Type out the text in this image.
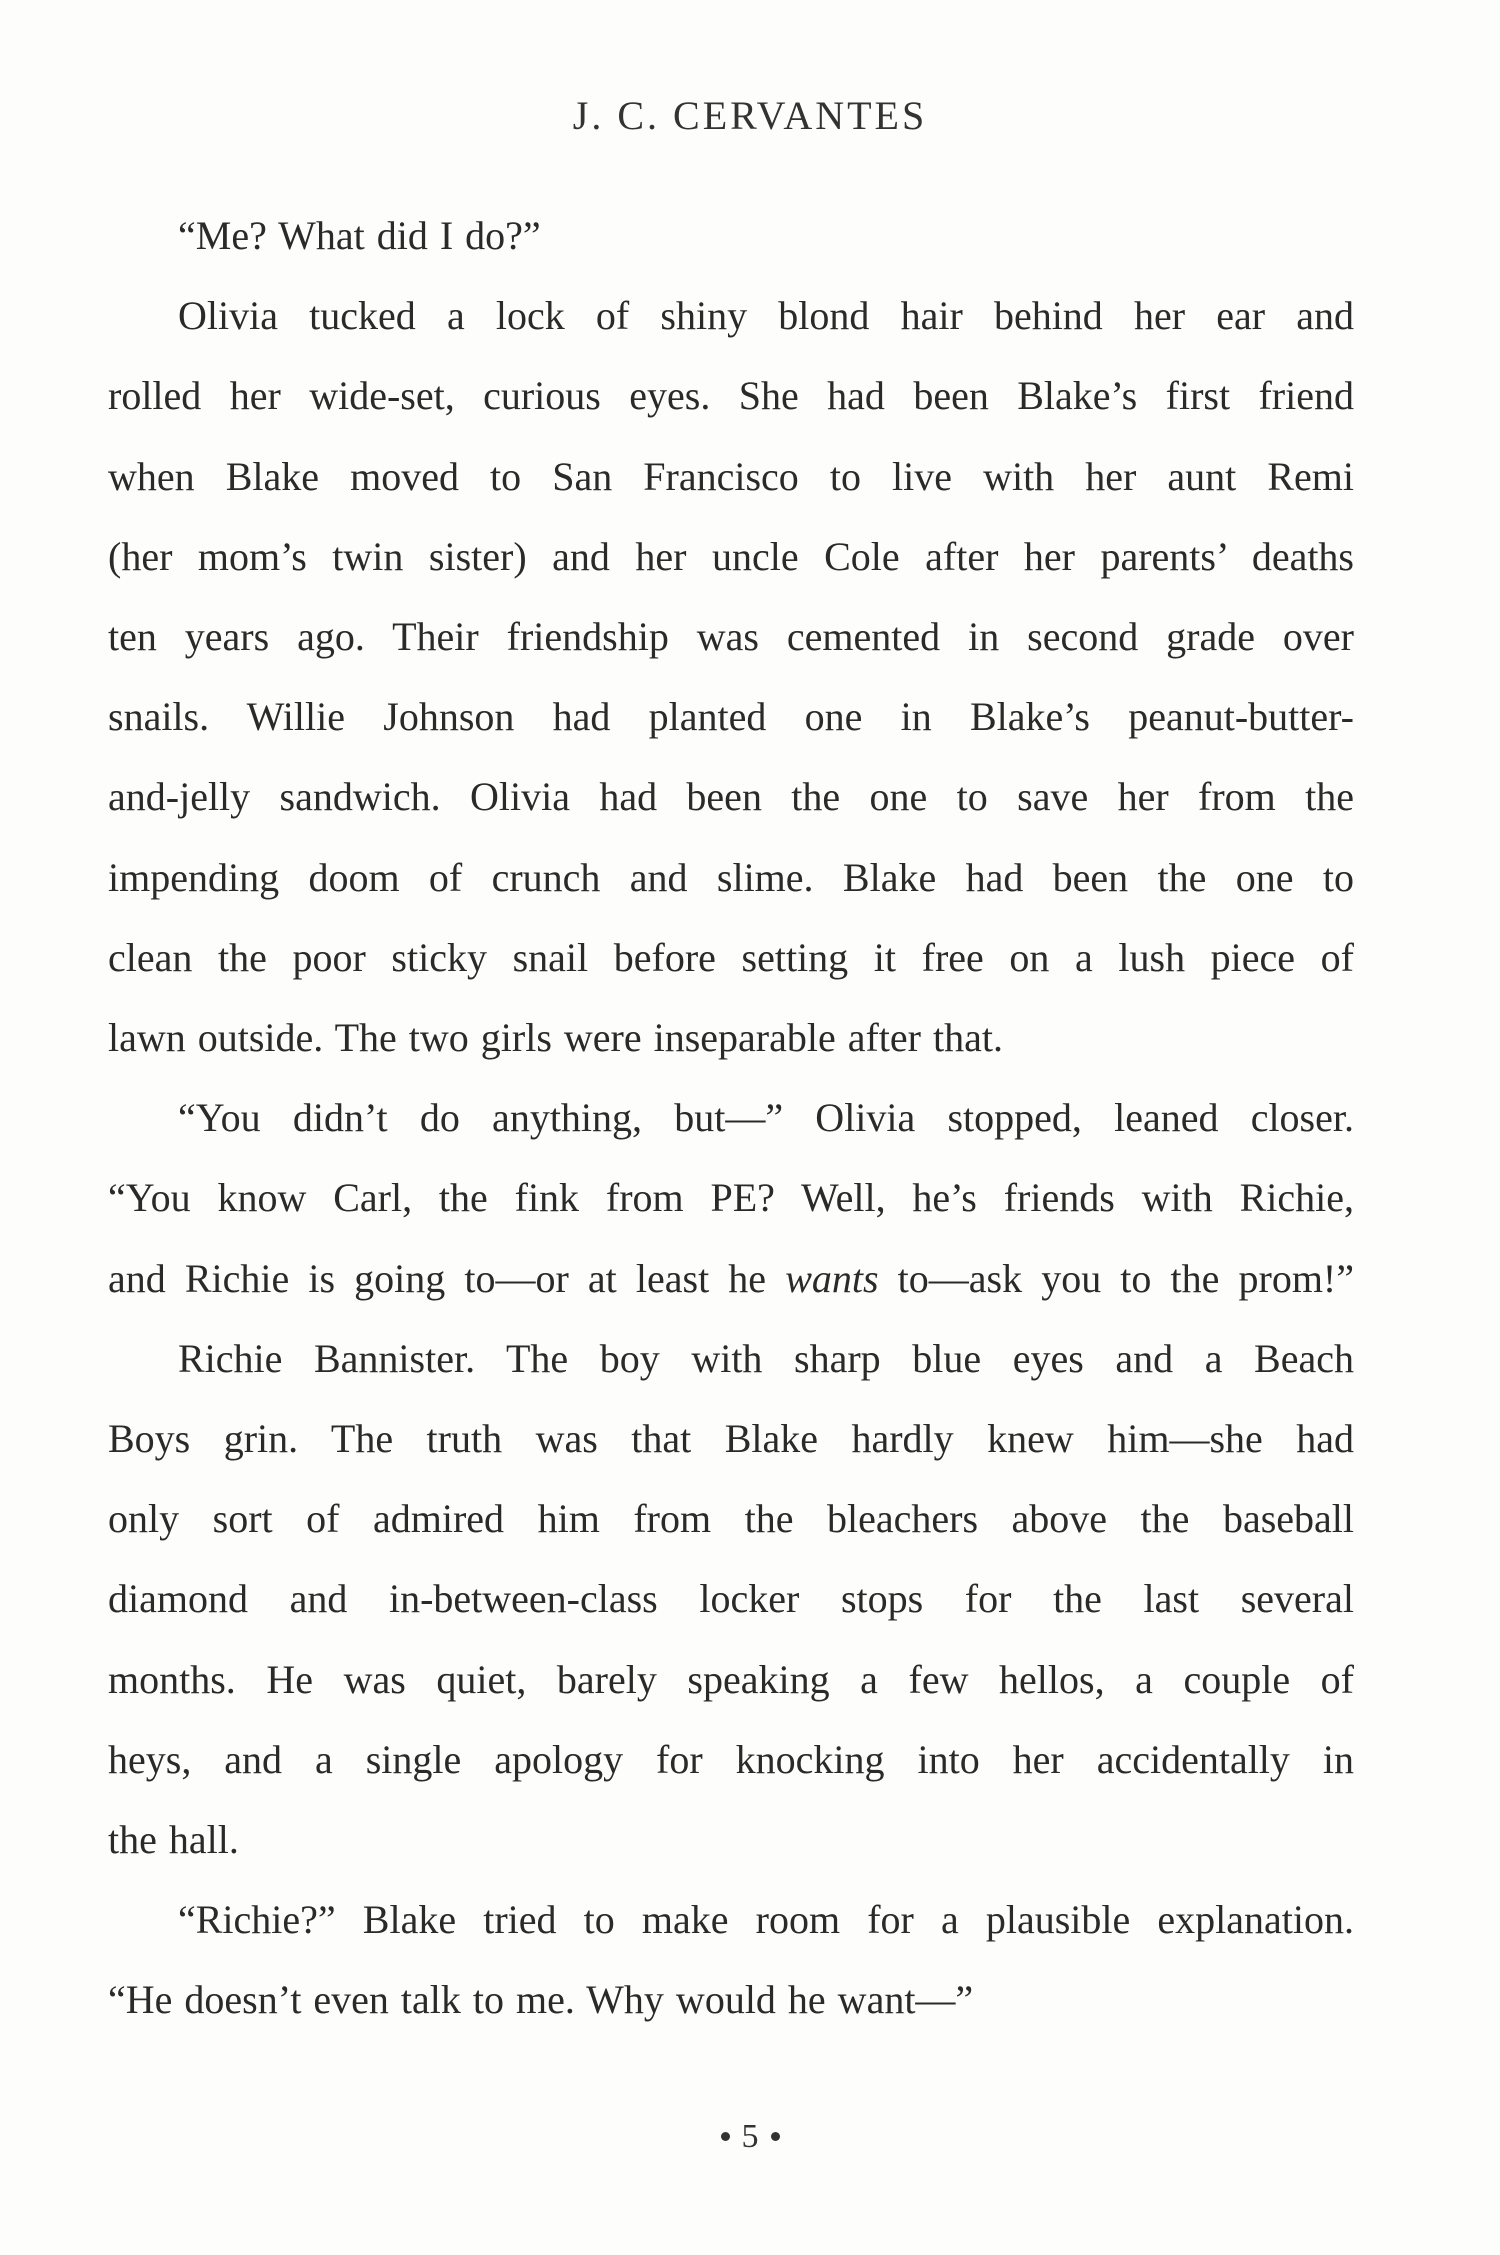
J. C. CERVANTES
“Me? What did I do?”
Olivia tucked a lock of shiny blond hair behind her ear and
rolled her wide-set, curious eyes. She had been Blake’s first friend
when Blake moved to San Francisco to live with her aunt Remi
(her mom’s twin sister) and her uncle Cole after her parents’ deaths
ten years ago. Their friendship was cemented in second grade over
snails. Willie Johnson had planted one in Blake’s peanut-butter-
and-jelly sandwich. Olivia had been the one to save her from the
impending doom of crunch and slime. Blake had been the one to
clean the poor sticky snail before setting it free on a lush piece of
lawn outside. The two girls were inseparable after that.
“You didn’t do anything, but—” Olivia stopped, leaned closer.
“You know Carl, the fink from PE? Well, he’s friends with Richie,
and Richie is going to—or at least he wants to—ask you to the prom!”
Richie Bannister. The boy with sharp blue eyes and a Beach
Boys grin. The truth was that Blake hardly knew him—she had
only sort of admired him from the bleachers above the baseball
diamond and in-between-class locker stops for the last several
months. He was quiet, barely speaking a few hellos, a couple of
heys, and a single apology for knocking into her accidentally in
the hall.
“Richie?” Blake tried to make room for a plausible explanation.
“He doesn’t even talk to me. Why would he want—”
5
